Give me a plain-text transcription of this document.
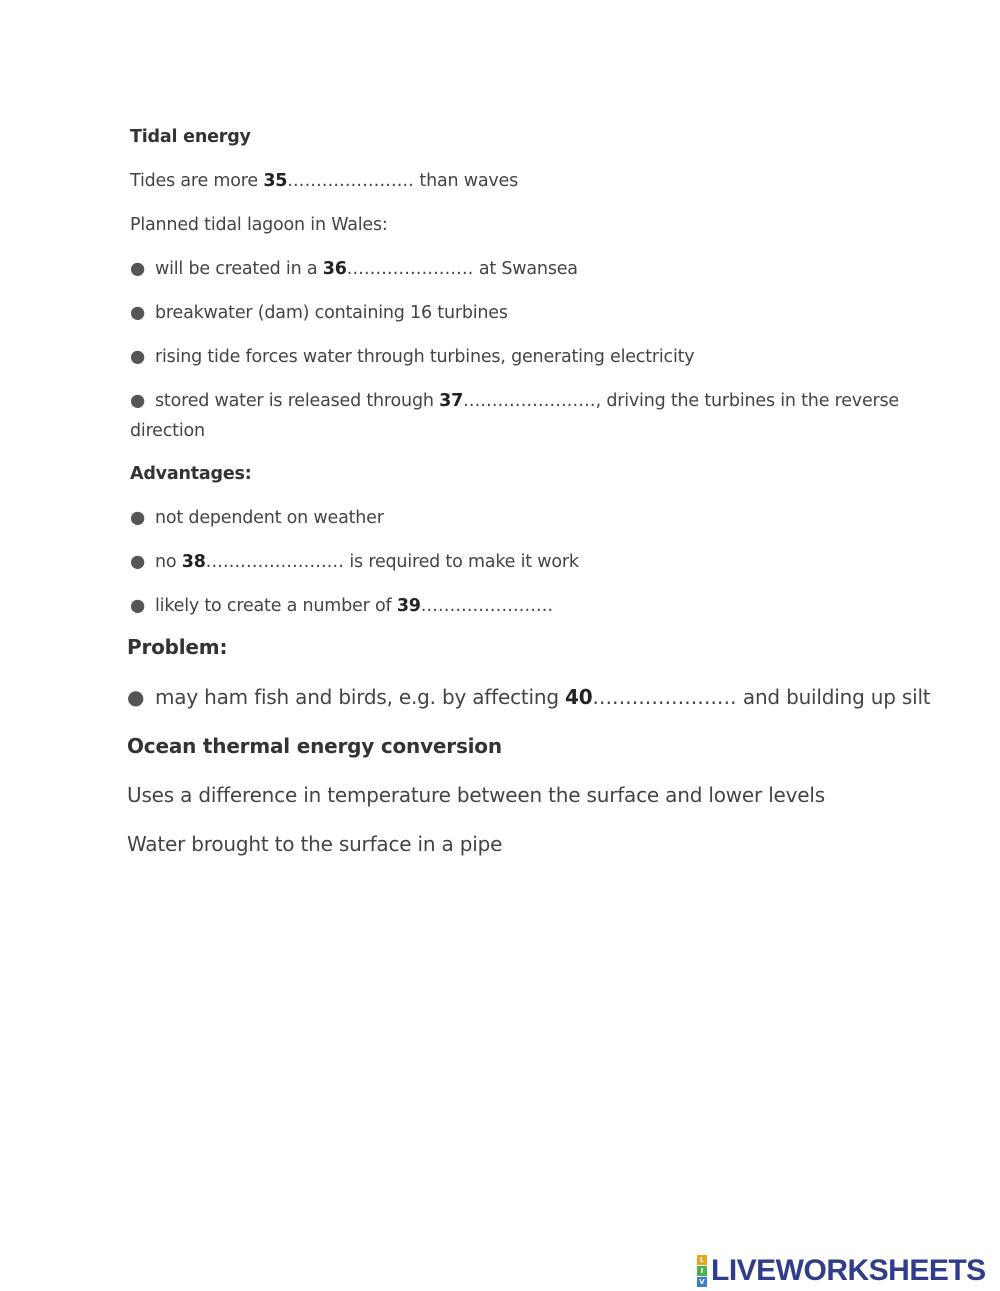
Tidal energy
Tides are more 35...................... than waves
Planned tidal lagoon in Wales:
● will be created in a 36...................... at Swansea
● breakwater (dam) containing 16 turbines
● rising tide forces water through turbines, generating electricity
● stored water is released through 37......................., driving the turbines in the reverse
direction
Advantages:
● not dependent on weather
● no 38........................ is required to make it work
● likely to create a number of 39.......................
Problem:
● may ham fish and birds, e.g. by affecting 40...................... and building up silt
Ocean thermal energy conversion
Uses a difference in temperature between the surface and lower levels
Water brought to the surface in a pipe
L
I
V LIVEWORKSHEETS
